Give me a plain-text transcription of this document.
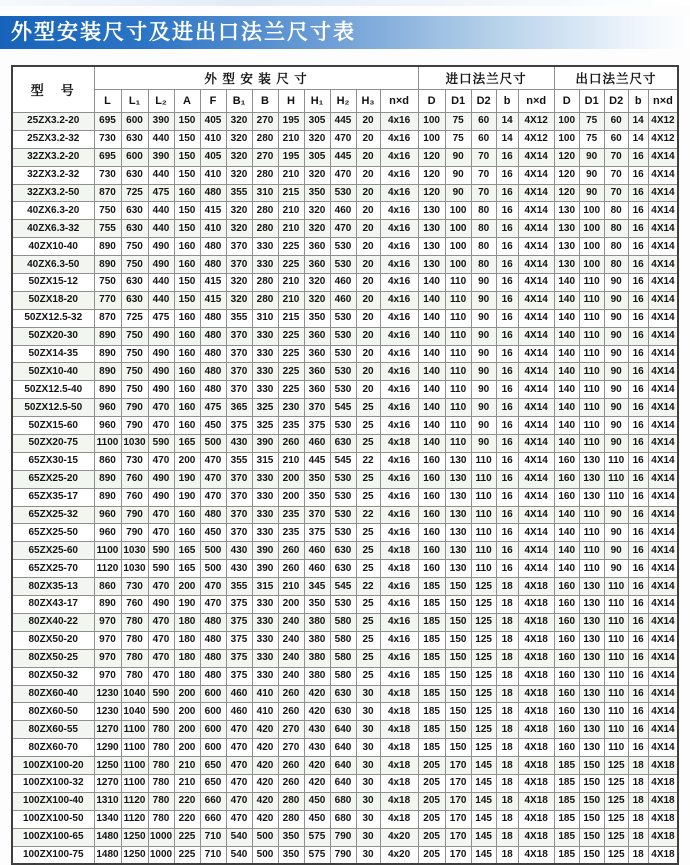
外型安装尺寸及进出口法兰尺寸表
型　号	外 型 安 装 尺 寸												进口法兰尺寸					出口法兰尺寸				
	L	L₁	L₂	A	F	B₁	B	H	H₁	H₂	H₃	n×d	D	D1	D2	b	n×d	D	D1	D2	b	n×d
25ZX3.2-20	695	600	390	150	405	320	270	195	305	445	20	4x16	100	75	60	14	4X12	100	75	60	14	4X12
25ZX3.2-32	730	630	440	150	410	320	280	210	320	470	20	4x16	100	75	60	14	4X12	100	75	60	14	4X12
32ZX3.2-20	695	600	390	150	405	320	270	195	305	445	20	4x16	120	90	70	16	4X14	120	90	70	16	4X14
32ZX3.2-32	730	630	440	150	410	320	280	210	320	470	20	4x16	120	90	70	16	4X14	120	90	70	16	4X14
32ZX3.2-50	870	725	475	160	480	355	310	215	350	530	20	4x16	120	90	70	16	4X14	120	90	70	16	4X14
40ZX6.3-20	750	630	440	150	415	320	280	210	320	460	20	4x16	130	100	80	16	4X14	130	100	80	16	4X14
40ZX6.3-32	755	630	440	150	410	320	280	210	320	470	20	4x16	130	100	80	16	4X14	130	100	80	16	4X14
40ZX10-40	890	750	490	160	480	370	330	225	360	530	20	4x16	130	100	80	16	4X14	130	100	80	16	4X14
40ZX6.3-50	890	750	490	160	480	370	330	225	360	530	20	4x16	130	100	80	16	4X14	130	100	80	16	4X14
50ZX15-12	750	630	440	150	415	320	280	210	320	460	20	4x16	140	110	90	16	4X14	140	110	90	16	4X14
50ZX18-20	770	630	440	150	415	320	280	210	320	460	20	4x16	140	110	90	16	4X14	140	110	90	16	4X14
50ZX12.5-32	870	725	475	160	480	355	310	215	350	530	20	4x16	140	110	90	16	4X14	140	110	90	16	4X14
50ZX20-30	890	750	490	160	480	370	330	225	360	530	20	4x16	140	110	90	16	4X14	140	110	90	16	4X14
50ZX14-35	890	750	490	160	480	370	330	225	360	530	20	4x16	140	110	90	16	4X14	140	110	90	16	4X14
50ZX10-40	890	750	490	160	480	370	330	225	360	530	20	4x16	140	110	90	16	4X14	140	110	90	16	4X14
50ZX12.5-40	890	750	490	160	480	370	330	225	360	530	20	4x16	140	110	90	16	4X14	140	110	90	16	4X14
50ZX12.5-50	960	790	470	160	475	365	325	230	370	545	25	4x16	140	110	90	16	4X14	140	110	90	16	4X14
50ZX15-60	960	790	470	160	450	375	325	235	375	530	25	4x16	140	110	90	16	4X14	140	110	90	16	4X14
50ZX20-75	1100	1030	590	165	500	430	390	260	460	630	25	4x18	140	110	90	16	4X14	140	110	90	16	4X14
65ZX30-15	860	730	470	200	470	355	315	210	445	545	22	4x16	160	130	110	16	4X14	160	130	110	16	4X14
65ZX25-20	890	760	490	190	470	370	330	200	350	530	25	4x16	160	130	110	16	4X14	160	130	110	16	4X14
65ZX35-17	890	760	490	190	470	370	330	200	350	530	25	4x16	160	130	110	16	4X14	160	130	110	16	4X14
65ZX25-32	960	790	470	160	480	370	330	235	370	530	22	4x16	160	130	110	16	4X14	140	110	90	16	4X14
65ZX25-50	960	790	470	160	450	370	330	235	375	530	25	4x16	160	130	110	16	4X14	140	110	90	16	4X14
65ZX25-60	1100	1030	590	165	500	430	390	260	460	630	25	4x18	160	130	110	16	4X14	140	110	90	16	4X14
65ZX25-70	1120	1030	590	165	500	430	390	260	460	630	25	4x18	160	130	110	16	4X14	140	110	90	16	4X14
80ZX35-13	860	730	470	200	470	355	315	210	345	545	22	4x16	185	150	125	18	4X18	160	130	110	16	4X14
80ZX43-17	890	760	490	190	470	375	330	200	350	530	25	4x16	185	150	125	18	4X18	160	130	110	16	4X14
80ZX40-22	970	780	470	180	480	375	330	240	380	580	25	4x16	185	150	125	18	4X18	160	130	110	16	4X14
80ZX50-20	970	780	470	180	480	375	330	240	380	580	25	4x16	185	150	125	18	4X18	160	130	110	16	4X14
80ZX50-25	970	780	470	180	480	375	330	240	380	580	25	4x16	185	150	125	18	4X18	160	130	110	16	4X14
80ZX50-32	970	780	470	180	480	375	330	240	380	580	25	4x16	185	150	125	18	4X18	160	130	110	16	4X14
80ZX60-40	1230	1040	590	200	600	460	410	260	420	630	30	4x18	185	150	125	18	4X18	160	130	110	16	4X14
80ZX60-50	1230	1040	590	200	600	460	410	260	420	630	30	4x18	185	150	125	18	4X18	160	130	110	16	4X14
80ZX60-55	1270	1100	780	200	600	470	420	270	430	640	30	4x18	185	150	125	18	4X18	160	130	110	16	4X14
80ZX60-70	1290	1100	780	200	600	470	420	270	430	640	30	4x18	185	150	125	18	4X18	160	130	110	16	4X14
100ZX100-20	1250	1100	780	210	650	470	420	260	420	640	30	4x18	205	170	145	18	4X18	185	150	125	18	4X18
100ZX100-32	1270	1100	780	210	650	470	420	260	420	640	30	4x18	205	170	145	18	4X18	185	150	125	18	4X18
100ZX100-40	1310	1120	780	220	660	470	420	280	450	680	30	4x18	205	170	145	18	4X18	185	150	125	18	4X18
100ZX100-50	1340	1120	780	220	660	470	420	280	450	680	30	4x18	205	170	145	18	4X18	185	150	125	18	4X18
100ZX100-65	1480	1250	1000	225	710	540	500	350	575	790	30	4x20	205	170	145	18	4X18	185	150	125	18	4X18
100ZX100-75	1480	1250	1000	225	710	540	500	350	575	790	30	4x20	205	170	145	18	4X18	185	150	125	18	4X18
